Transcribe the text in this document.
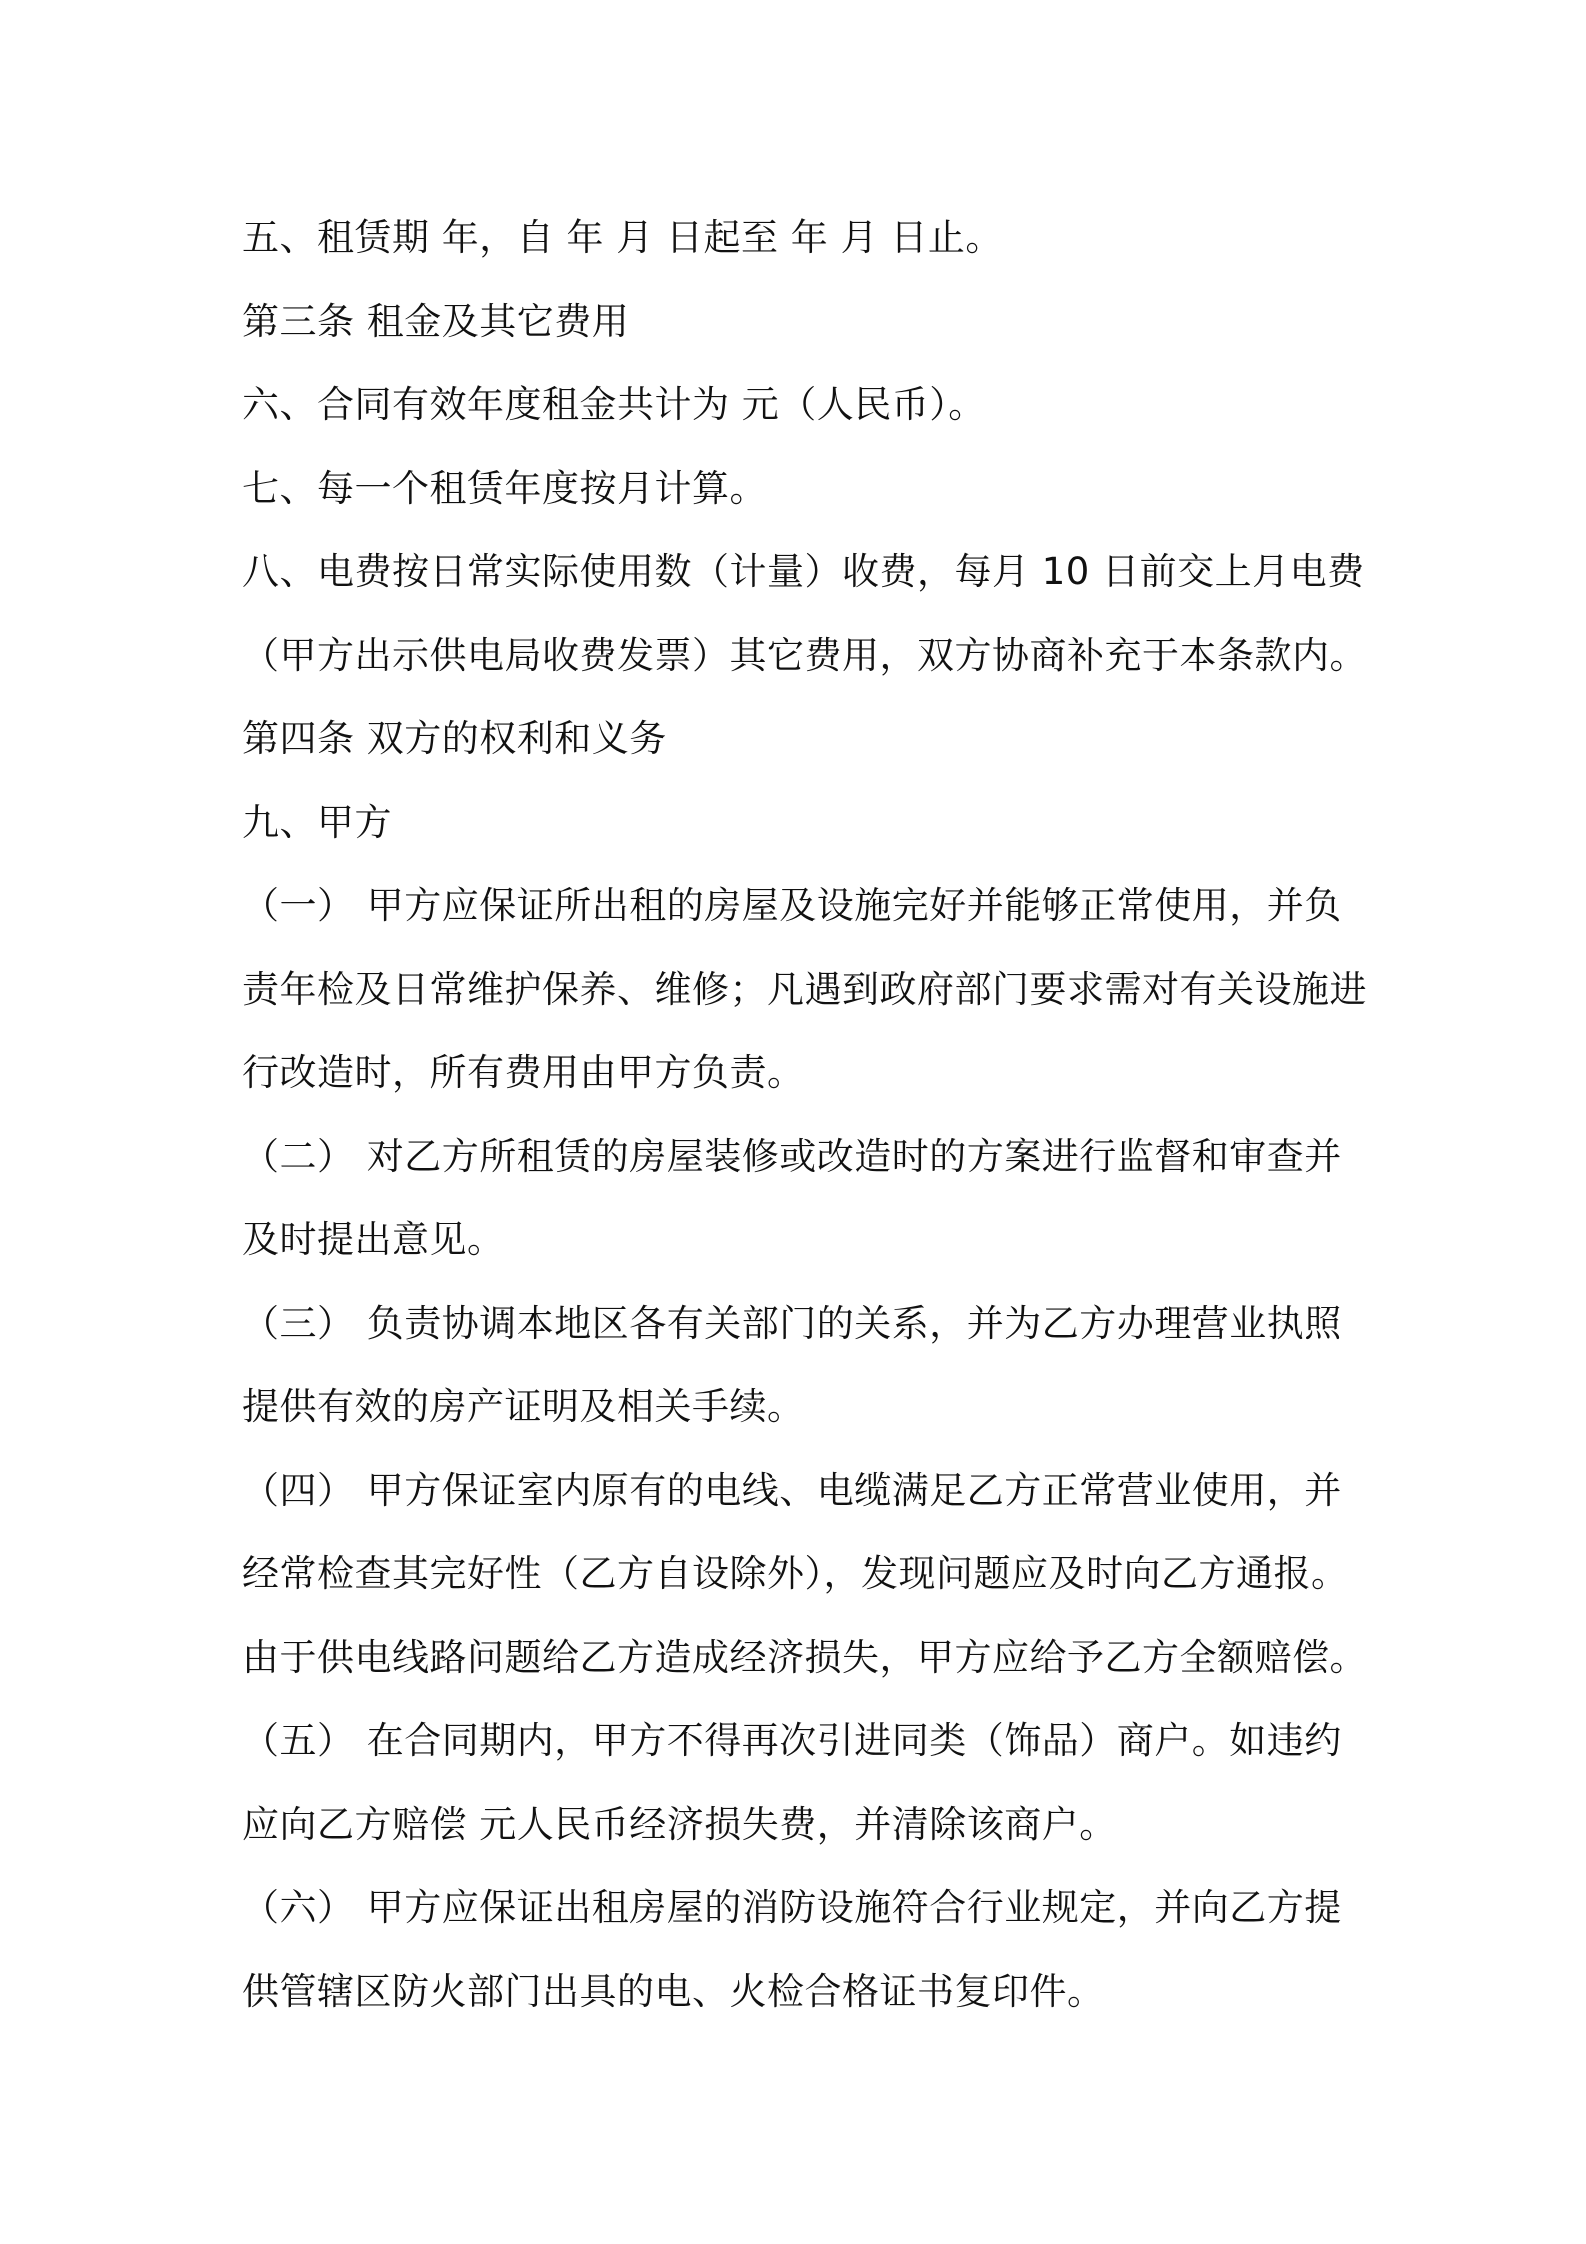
五、租赁期 年，自 年 月 日起至 年 月 日止。
第三条 租金及其它费用
六、合同有效年度租金共计为 元（人民币）。
七、每一个租赁年度按月计算。
八、电费按日常实际使用数（计量）收费，每月 10 日前交上月电费
（甲方出示供电局收费发票）其它费用，双方协商补充于本条款内。
第四条 双方的权利和义务
九、甲方
（一） 甲方应保证所出租的房屋及设施完好并能够正常使用，并负
责年检及日常维护保养、维修；凡遇到政府部门要求需对有关设施进
行改造时，所有费用由甲方负责。
（二） 对乙方所租赁的房屋装修或改造时的方案进行监督和审查并
及时提出意见。
（三） 负责协调本地区各有关部门的关系，并为乙方办理营业执照
提供有效的房产证明及相关手续。
（四） 甲方保证室内原有的电线、电缆满足乙方正常营业使用，并
经常检查其完好性（乙方自设除外），发现问题应及时向乙方通报。
由于供电线路问题给乙方造成经济损失，甲方应给予乙方全额赔偿。
（五） 在合同期内，甲方不得再次引进同类（饰品）商户。如违约
应向乙方赔偿 元人民币经济损失费，并清除该商户。
（六） 甲方应保证出租房屋的消防设施符合行业规定，并向乙方提
供管辖区防火部门出具的电、火检合格证书复印件。
